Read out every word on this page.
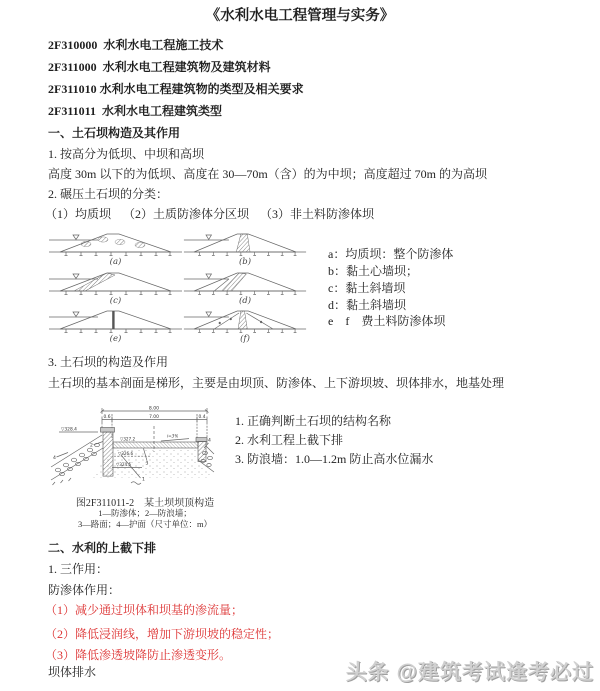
《水利水电工程管理与实务》
2F310000  水利水电工程施工技术
2F311000  水利水电工程建筑物及建筑材料
2F311010 水利水电工程建筑物的类型及相关要求
2F311011  水利水电工程建筑类型
一、土石坝构造及其作用
1. 按高分为低坝、中坝和高坝
高度 30m 以下的为低坝、高度在 30—70m（含）的为中坝；高度超过 70m 的为高坝
2. 碾压土石坝的分类：
（1）均质坝 （2）土质防渗体分区坝 （3）非土料防渗体坝
(a)	(b)
(c)	(d)
(e)	(f)
a：均质坝：整个防渗体
b：黏土心墙坝；
c：黏土斜墙坝
d：黏土斜墙坝
e　f　费土料防渗体坝
3. 土石坝的构造及作用
土石坝的基本剖面是梯形，主要是由坝顶、防渗体、上下游坝坡、坝体排水，地基处理
8.00
0.6	7.00	0.4
▽328.4
▽327.2
i=3%
▽326.6
▽324.5
2
4
3
1
4
图2F311011-2　某土坝坝顶构造
1—防渗体；2—防浪墙；
3—路面；4—护面（尺寸单位：m）
1. 正确判断土石坝的结构名称
2. 水利工程上截下排
3. 防浪墙：1.0—1.2m 防止高水位漏水
二、水利的上截下排
1. 三作用：
防渗体作用：
（1）减少通过坝体和坝基的渗流量；
（2）降低浸润线，增加下游坝坡的稳定性；
（3）降低渗透坡降防止渗透变形。
坝体排水	头条 @建筑考试逢考必过
